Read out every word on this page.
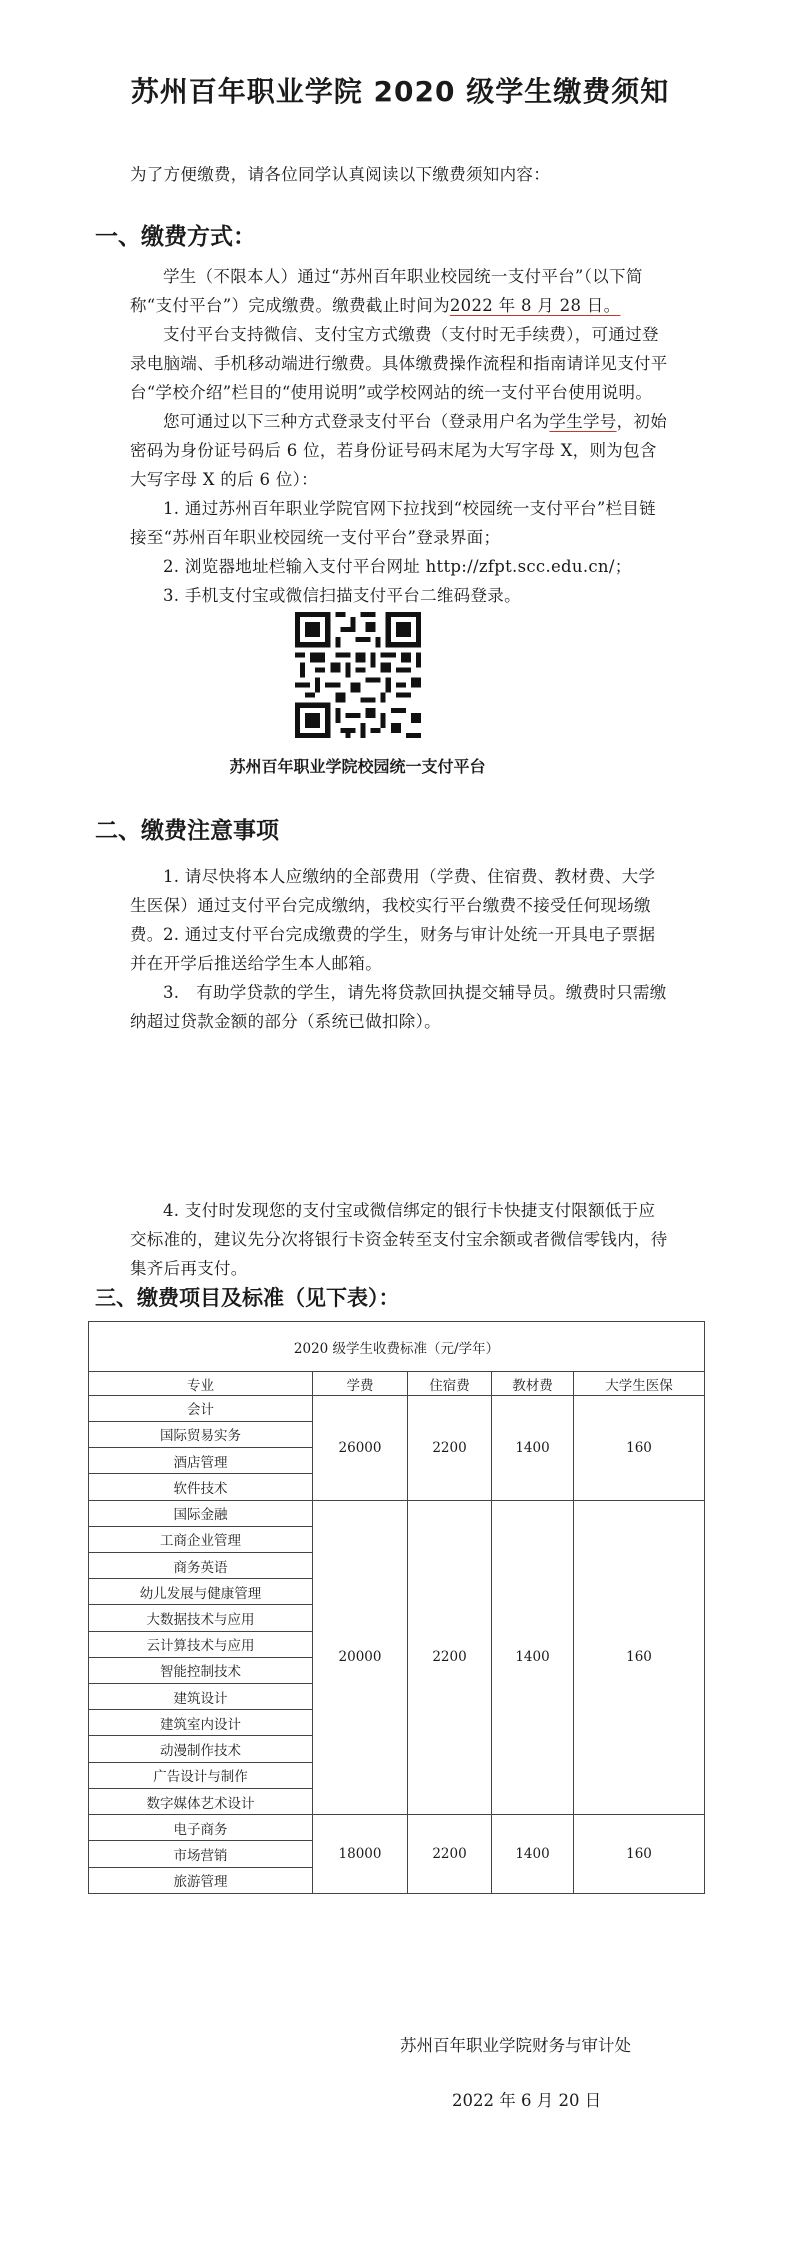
苏州百年职业学院 2020 级学生缴费须知

为了方便缴费，请各位同学认真阅读以下缴费须知内容：

一、缴费方式：

学生（不限本人）通过“苏州百年职业校园统一支付平台”（以下简称“支付平台”）完成缴费。缴费截止时间为2022 年 8 月 28 日。

支付平台支持微信、支付宝方式缴费（支付时无手续费），可通过登录电脑端、手机移动端进行缴费。具体缴费操作流程和指南请详见支付平台“学校介绍”栏目的“使用说明”或学校网站的统一支付平台使用说明。

您可通过以下三种方式登录支付平台（登录用户名为学生学号，初始密码为身份证号码后 6 位，若身份证号码末尾为大写字母 X，则为包含大写字母 X 的后 6 位）：

1. 通过苏州百年职业学院官网下拉找到“校园统一支付平台”栏目链接至“苏州百年职业校园统一支付平台”登录界面；

2. 浏览器地址栏输入支付平台网址 http://zfpt.scc.edu.cn/；

3. 手机支付宝或微信扫描支付平台二维码登录。

苏州百年职业学院校园统一支付平台
二、缴费注意事项

1. 请尽快将本人应缴纳的全部费用（学费、住宿费、教材费、大学生医保）通过支付平台完成缴纳，我校实行平台缴费不接受任何现场缴费。 2. 通过支付平台完成缴费的学生，财务与审计处统一开具电子票据并在开学后推送给学生本人邮箱。

3.　有助学贷款的学生，请先将贷款回执提交辅导员。缴费时只需缴纳超过贷款金额的部分（系统已做扣除）。

4. 支付时发现您的支付宝或微信绑定的银行卡快捷支付限额低于应交标准的，建议先分次将银行卡资金转至支付宝余额或者微信零钱内，待集齐后再支付。

三、缴费项目及标准（见下表）：
2020 级学生收费标准（元/学年）				
专业	学费	住宿费	教材费	大学生医保
会计	26000	2200	1400	160
国际贸易实务				
酒店管理				
软件技术				
国际金融	20000	2200	1400	160
工商企业管理				
商务英语				
幼儿发展与健康管理				
大数据技术与应用				
云计算技术与应用				
智能控制技术				
建筑设计				
建筑室内设计				
动漫制作技术				
广告设计与制作				
数字媒体艺术设计				
电子商务	18000	2200	1400	160
市场营销				
旅游管理				
苏州百年职业学院财务与审计处
2022 年 6 月 20 日
